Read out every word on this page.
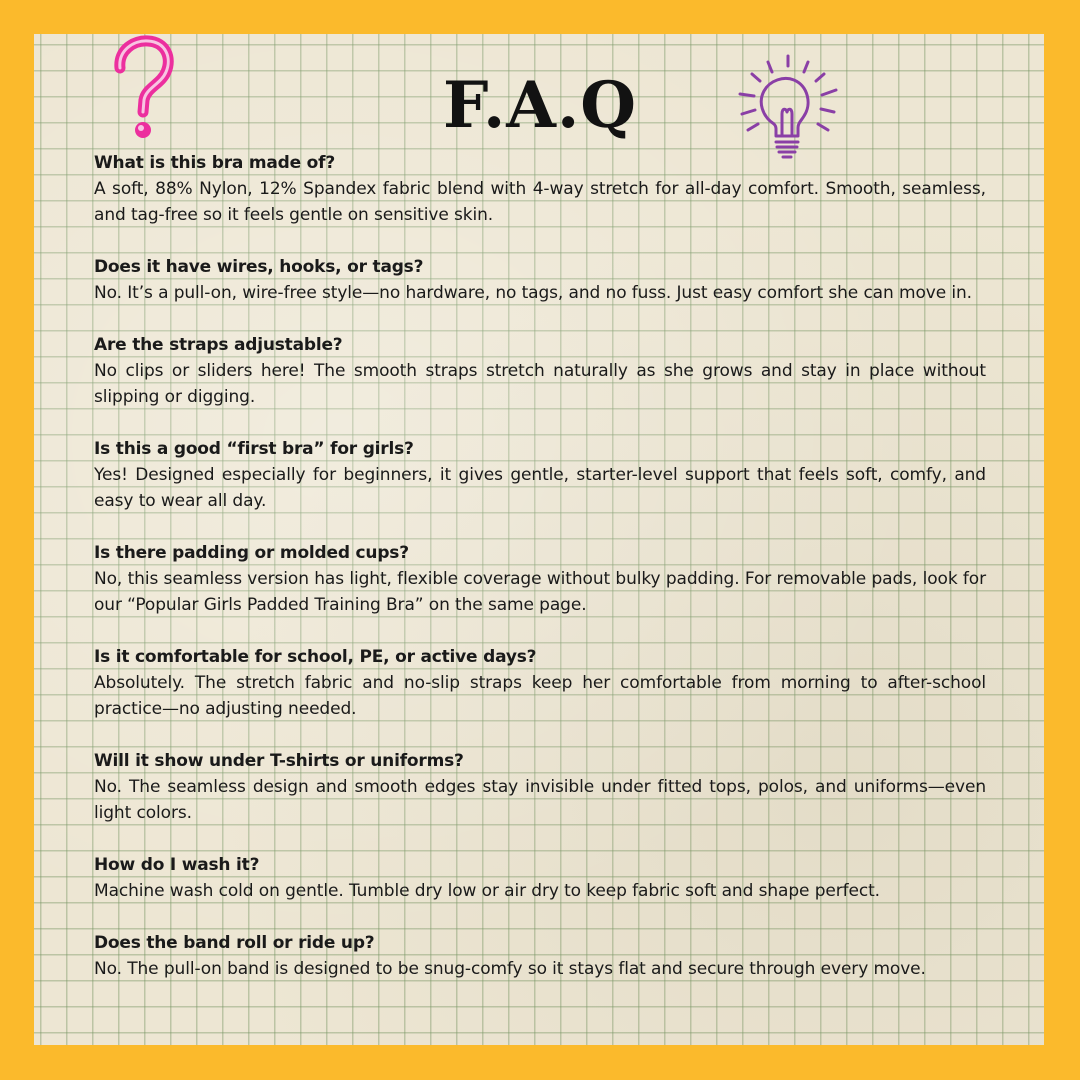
F.A.Q

What is this bra made of?

A soft, 88% Nylon, 12% Spandex fabric blend with 4-way stretch for all-day comfort. Smooth, seamless, and tag-free so it feels gentle on sensitive skin.

Does it have wires, hooks, or tags?

No. It’s a pull-on, wire-free style—no hardware, no tags, and no fuss. Just easy comfort she can move in.

Are the straps adjustable?

No clips or sliders here! The smooth straps stretch naturally as she grows and stay in place without slipping or digging.

Is this a good “first bra” for girls?

Yes! Designed especially for beginners, it gives gentle, starter-level support that feels soft, comfy, and easy to wear all day.

Is there padding or molded cups?

No, this seamless version has light, flexible coverage without bulky padding. For removable pads, look for our “Popular Girls Padded Training Bra” on the same page.

Is it comfortable for school, PE, or active days?

Absolutely. The stretch fabric and no-slip straps keep her comfortable from morning to after-school practice—no adjusting needed.

Will it show under T-shirts or uniforms?

No. The seamless design and smooth edges stay invisible under fitted tops, polos, and uniforms—even light colors.

How do I wash it?

Machine wash cold on gentle. Tumble dry low or air dry to keep fabric soft and shape perfect.

Does the band roll or ride up?

No. The pull-on band is designed to be snug-comfy so it stays flat and secure through every move.
